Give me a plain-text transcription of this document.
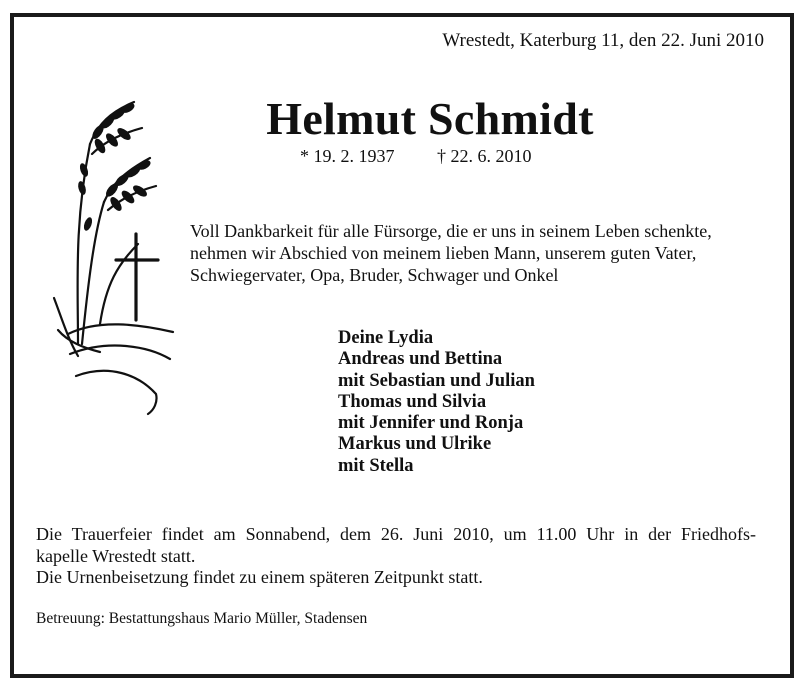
Wrestedt, Katerburg 11, den 22. Juni 2010
Helmut Schmidt
* 19. 2. 1937 † 22. 6. 2010
Voll Dankbarkeit für alle Fürsorge, die er uns in seinem Leben schenkte,
nehmen wir Abschied von meinem lieben Mann, unserem guten Vater,
Schwiegervater, Opa, Bruder, Schwager und Onkel
Deine Lydia
Andreas und Bettina
mit Sebastian und Julian
Thomas und Silvia
mit Jennifer und Ronja
Markus und Ulrike
mit Stella
Die Trauerfeier findet am Sonnabend, dem 26. Juni 2010, um 11.00 Uhr in der Friedhofs-
kapelle Wrestedt statt.
Die Urnenbeisetzung findet zu einem späteren Zeitpunkt statt.
Betreuung: Bestattungshaus Mario Müller, Stadensen
